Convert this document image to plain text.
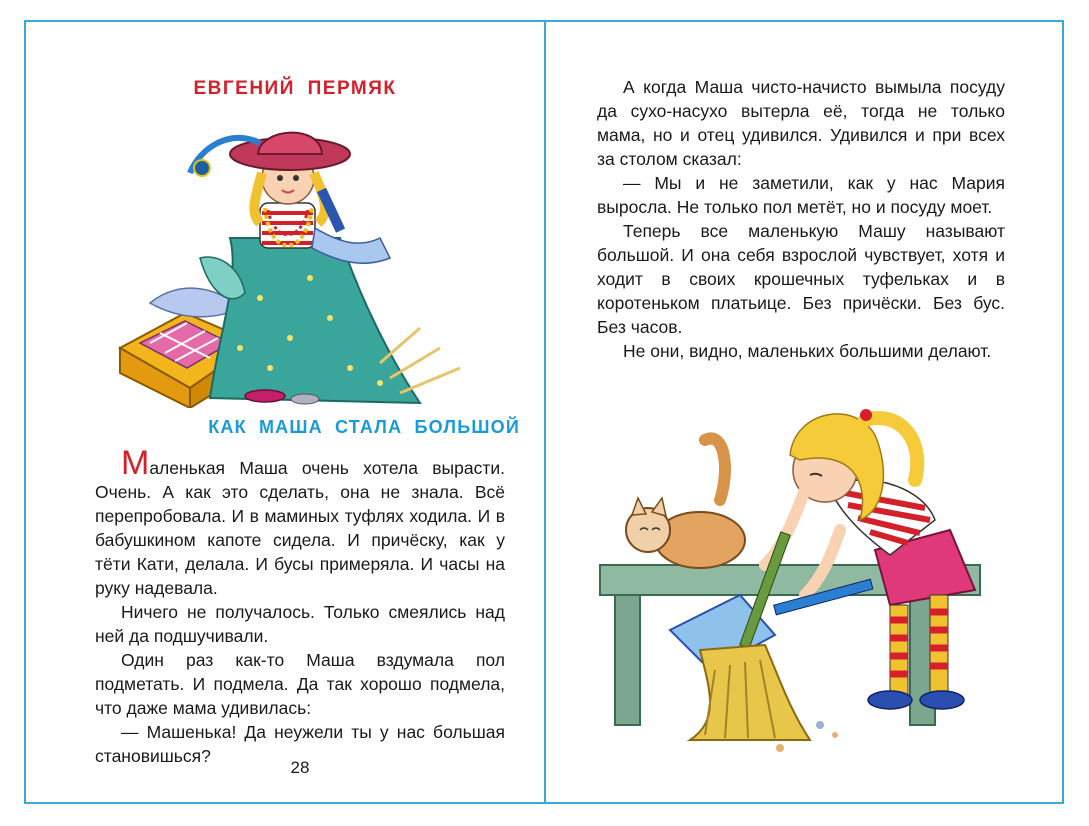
ЕВГЕНИЙ ПЕРМЯК
КАК МАША СТАЛА БОЛЬШОЙ

Маленькая Маша очень хотела вырасти. Очень. А как это сделать, она не знала. Всё перепробовала. И в маминых туфлях ходила. И в бабушкином капоте сидела. И причёску, как у тёти Кати, делала. И бусы примеряла. И часы на руку надевала.

Ничего не получалось. Только смеялись над ней да подшучивали.

Один раз как-то Маша вздумала пол подметать. И подмела. Да так хорошо подмела, что даже мама удивилась:

— Машенька! Да неужели ты у нас большая становишься?

28

А когда Маша чисто-начисто вымыла посуду да сухо-насухо вытерла её, тогда не только мама, но и отец удивился. Удивился и при всех за столом сказал:

— Мы и не заметили, как у нас Мария выросла. Не только пол метёт, но и посуду моет.

Теперь все маленькую Машу называют большой. И она себя взрослой чувствует, хотя и ходит в своих крошечных туфельках и в коротеньком платьице. Без причёски. Без бус. Без часов.

Не они, видно, маленьких большими делают.
